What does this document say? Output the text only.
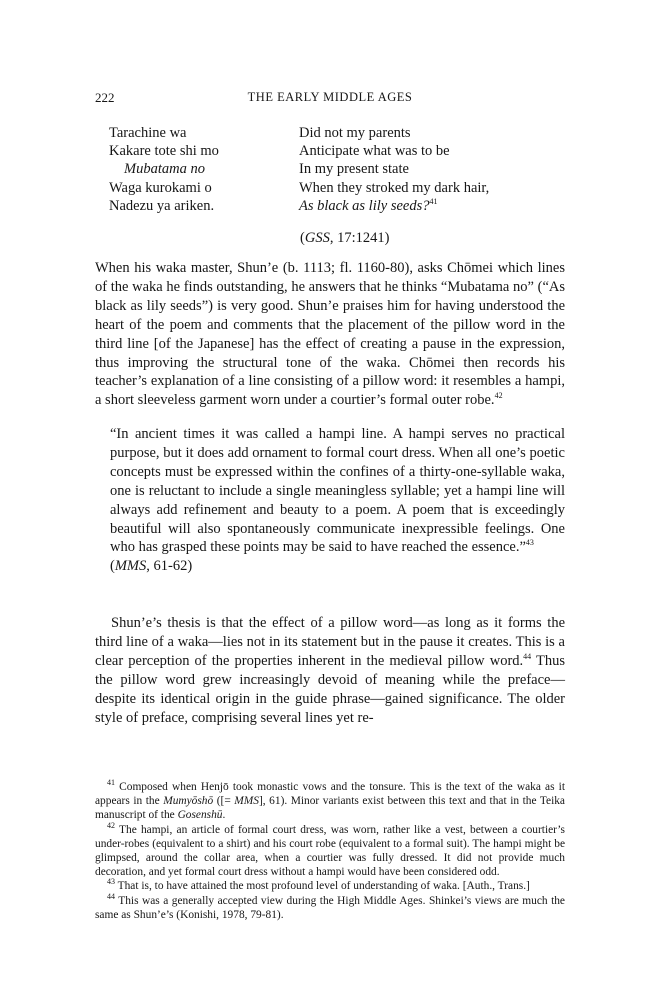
222	THE EARLY MIDDLE AGES
Tarachine wa
Kakare tote shi mo
Mubatama no
Waga kurokami o
Nadezu ya ariken.
Did not my parents
Anticipate what was to be
In my present state
When they stroked my dark hair,
As black as lily seeds?$^{41}$
(GSS, 17:1241)

When his waka master, Shun’e (b. 1113; fl. 1160-80), asks Chōmei which lines of the waka he finds outstanding, he answers that he thinks “Mubatama no” (“As black as lily seeds”) is very good. Shun’e praises him for having understood the heart of the poem and comments that the placement of the pillow word in the third line [of the Japanese] has the effect of creating a pause in the expression, thus improving the structural tone of the waka. Chōmei then records his teacher’s explanation of a line consisting of a pillow word: it resembles a hampi, a short sleeveless garment worn under a courtier’s formal outer robe.$^{42}$

“In ancient times it was called a hampi line. A hampi serves no practical purpose, but it does add ornament to formal court dress. When all one’s poetic concepts must be expressed within the confines of a thirty-one-syllable waka, one is reluctant to include a single meaningless syllable; yet a hampi line will always add refinement and beauty to a poem. A poem that is exceedingly beautiful will also spontaneously communicate inexpressible feelings. One who has grasped these points may be said to have reached the essence.”$^{43}$
(MMS, 61-62)

Shun’e’s thesis is that the effect of a pillow word—as long as it forms the third line of a waka—lies not in its statement but in the pause it creates. This is a clear perception of the properties inherent in the medieval pillow word.$^{44}$ Thus the pillow word grew increasingly devoid of meaning while the preface—despite its identical origin in the guide phrase—gained significance. The older style of preface, comprising several lines yet re-

$^{41}$ Composed when Henjō took monastic vows and the tonsure. This is the text of the waka as it appears in the Mumyōshō ([= MMS], 61). Minor variants exist between this text and that in the Teika manuscript of the Gosenshū.

$^{42}$ The hampi, an article of formal court dress, was worn, rather like a vest, between a courtier’s under-robes (equivalent to a shirt) and his court robe (equivalent to a formal suit). The hampi might be glimpsed, around the collar area, when a courtier was fully dressed. It did not provide much decoration, and yet formal court dress without a hampi would have been considered odd.

$^{43}$ That is, to have attained the most profound level of understanding of waka. [Auth., Trans.]

$^{44}$ This was a generally accepted view during the High Middle Ages. Shinkei’s views are much the same as Shun’e’s (Konishi, 1978, 79-81).
